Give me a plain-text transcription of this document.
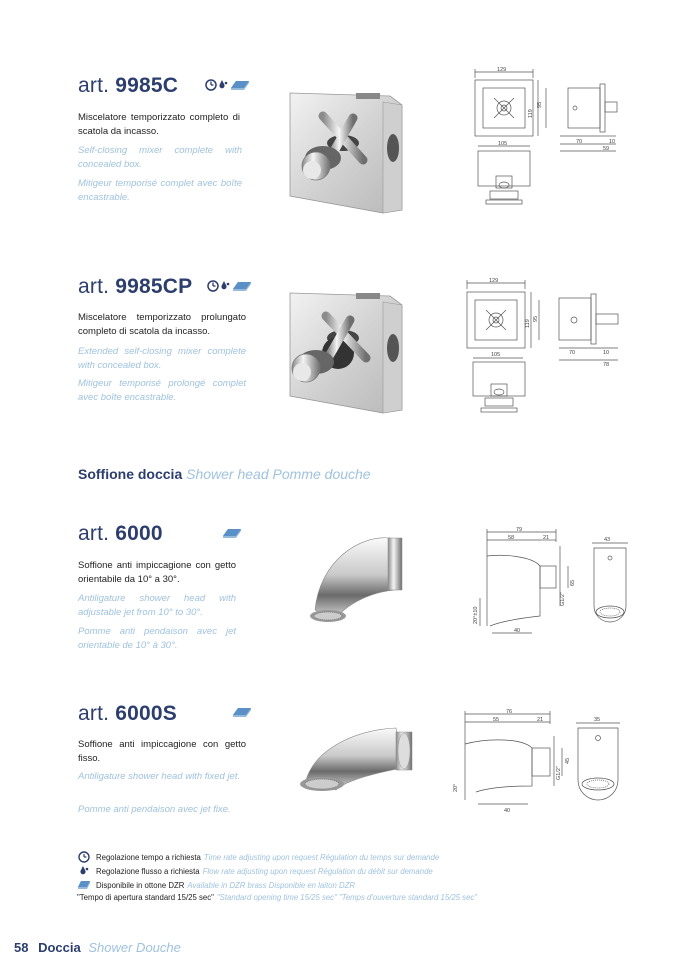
art. 9985C
Miscelatore temporizzato completo di scatola da incasso.
Self-closing mixer complete with concealed box.
Mitigeur temporisé complet avec boîte encastrable.
129
95
119
105	70	10
59
art. 9985CP
Miscelatore temporizzato prolungato completo di scatola da incasso.
Extended self-closing mixer complete with concealed box.
Mitigeur temporisé prolongé complet avec boîte encastrable.
129
95
119
105	70	10
78
Soffione doccia Shower head Pomme douche
art. 6000
Soffione anti impiccagione con getto orientabile da 10° a 30°.
Antiligature shower head with adjustable jet from 10° to 30°.
Pomme anti pendaison avec jet orientable de 10° à 30°.
79
58	21	43
65
G1/2"
20°±10
40
art. 6000S
Soffione anti impiccagione con getto fisso.
Antiligature shower head with fixed jet.
Pomme anti pendaison avec jet fixe.
76
55	21	35
45
G1/2"
20°
40
Regolazione tempo a richiesta Time rate adjusting upon request Régulation du temps sur demande
Regolazione flusso a richiesta Flow rate adjusting upon request Régulation du débit sur demande
Disponibile in ottone DZR Available in DZR brass Disponible en laiton DZR
"Tempo di apertura standard 15/25 sec" "Standard opening time 15/25 sec" "Temps d'ouverture standard 15/25 sec"
58 Doccia Shower Douche
